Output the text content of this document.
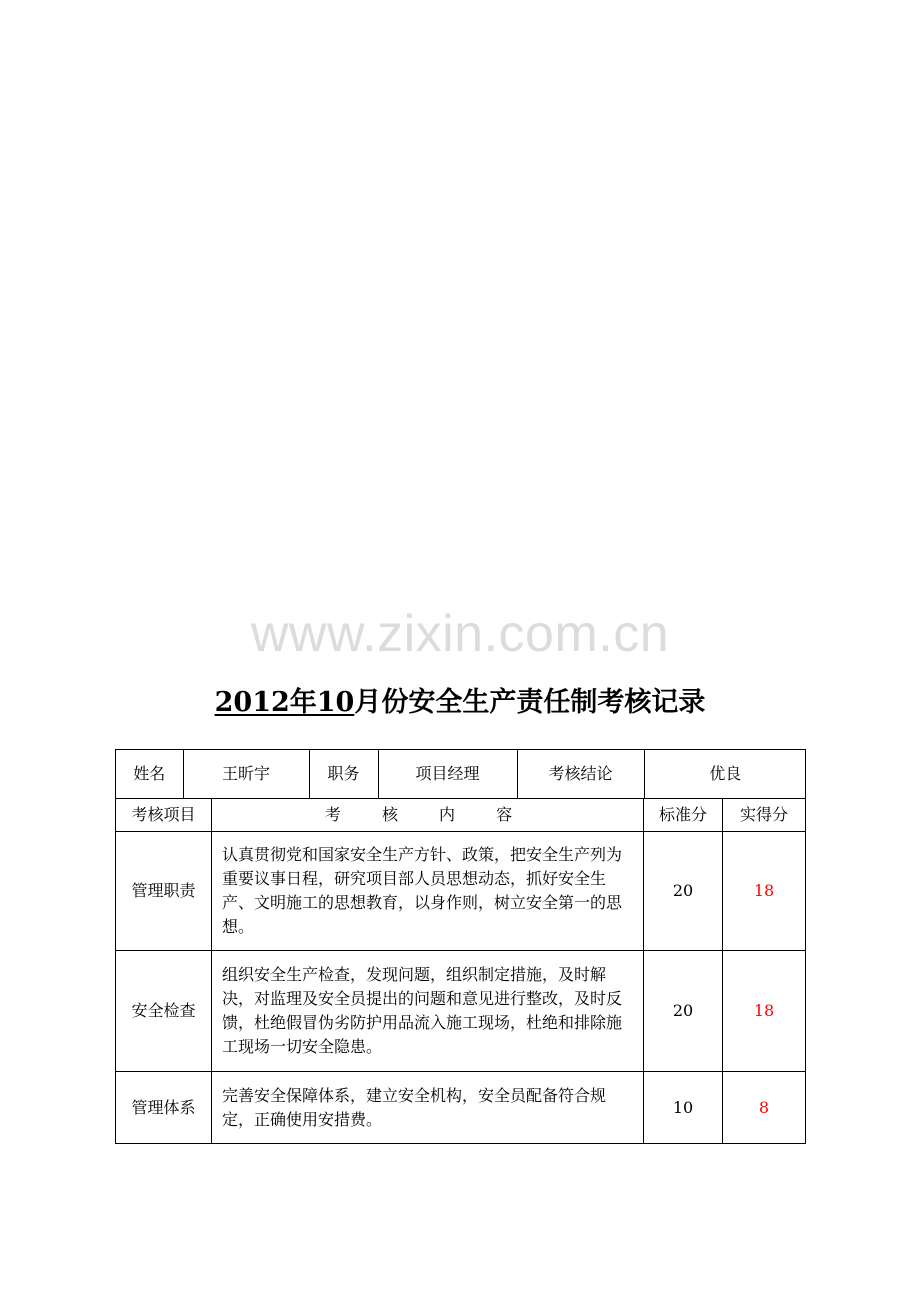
www.zixin.com.cn
2012年10月份安全生产责任制考核记录
姓名	王昕宇	职务	项目经理	考核结论	优良

考核项目	考 核 内 容	标准分	实得分
管理职责	认真贯彻党和国家安全生产方针、政策，把安全生产列为重要议事日程，研究项目部人员思想动态，抓好安全生产、文明施工的思想教育，以身作则，树立安全第一的思想。	20	18
安全检查	组织安全生产检查，发现问题，组织制定措施，及时解决，对监理及安全员提出的问题和意见进行整改，及时反馈，杜绝假冒伪劣防护用品流入施工现场，杜绝和排除施工现场一切安全隐患。	20	18
管理体系	完善安全保障体系，建立安全机构，安全员配备符合规定，正确使用安措费。	10	8
